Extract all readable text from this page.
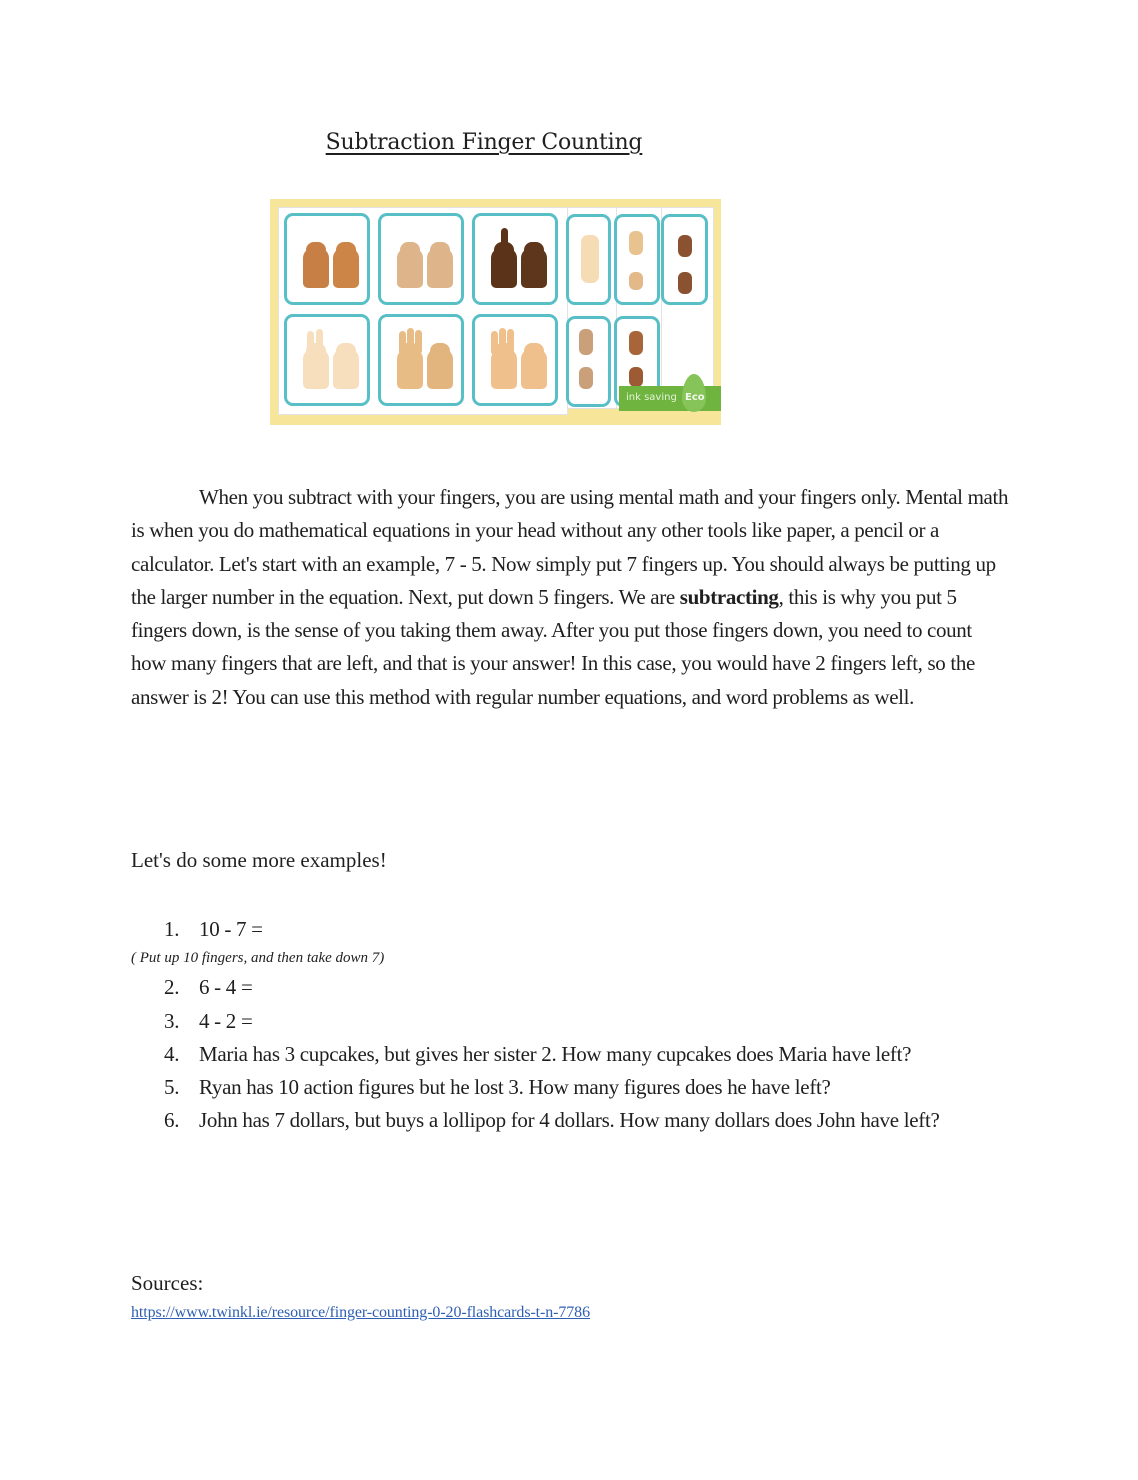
Subtraction Finger Counting
ink saving Eco
When you subtract with your fingers, you are using mental math and your fingers only. Mental math is when you do mathematical equations in your head without any other tools like paper, a pencil or a calculator. Let's start with an example, 7 - 5. Now simply put 7 fingers up. You should always be putting up the larger number in the equation. Next, put down 5 fingers. We are subtracting, this is why you put 5 fingers down, is the sense of you taking them away. After you put those fingers down, you need to count how many fingers that are left, and that is your answer! In this case, you would have 2 fingers left, so the answer is 2! You can use this method with regular number equations, and word problems as well.
Let's do some more examples!
1. 10 - 7 =
( Put up 10 fingers, and then take down 7)
2. 6 - 4 =
3. 4 - 2 =
4. Maria has 3 cupcakes, but gives her sister 2. How many cupcakes does Maria have left?
5. Ryan has 10 action figures but he lost 3. How many figures does he have left?
6. John has 7 dollars, but buys a lollipop for 4 dollars. How many dollars does John have left?
Sources:
https://www.twinkl.ie/resource/finger-counting-0-20-flashcards-t-n-7786
